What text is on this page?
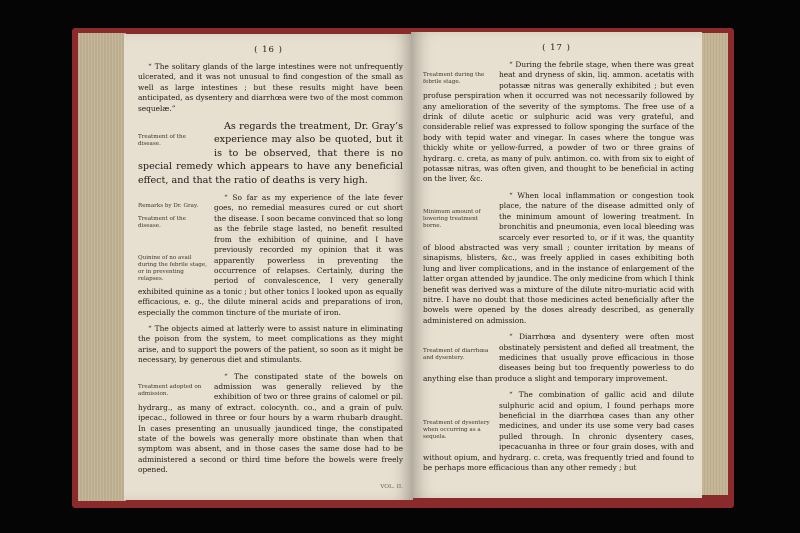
( 16 )

“ The solitary glands of the large intestines were not unfrequently ulcerated, and it was not unusual to find congestion of the small as well as large intestines ; but these results might have been anticipated, as dysentery and diarrhœa were two of the most common sequelæ.”

Treatment of the disease.

As regards the treatment, Dr. Gray’s experience may also be quoted, but it is to be observed, that there is no special remedy which appears to have any beneficial effect, and that the ratio of deaths is very high.

Remarks by Dr. Gray.
Treatment of the disease.
Quinine of no avail during the febrile stage, or in preventing relapses.

“ So far as my experience of the late fever goes, no remedial measures cured or cut short the disease. I soon became convinced that so long as the febrile stage lasted, no benefit resulted from the exhibition of quinine, and I have previously recorded my opinion that it was apparently powerless in preventing the occurrence of relapses. Certainly, during the period of convalescence, I very generally exhibited quinine as a tonic ; but other tonics I looked upon as equally efficacious, e. g., the dilute mineral acids and preparations of iron, especially the common tincture of the muriate of iron.

“ The objects aimed at latterly were to assist nature in eliminating the poison from the system, to meet complications as they might arise, and to support the powers of the patient, so soon as it might be necessary, by generous diet and stimulants.

Treatment adopted on admission.

“ The constipated state of the bowels on admission was generally relieved by the exhibition of two or three grains of calomel or pil. hydrarg., as many of extract. colocynth. co., and a grain of pulv. ipecac., followed in three or four hours by a warm rhubarb draught. In cases presenting an unusually jaundiced tinge, the constipated state of the bowels was generally more obstinate than when that symptom was absent, and in those cases the same dose had to be administered a second or third time before the bowels were freely opened.

VOL. II.

( 17 )
Treatment during the febrile stage.

“ During the febrile stage, when there was great heat and dryness of skin, liq. ammon. acetatis with potassæ nitras was generally exhibited ; but even profuse perspiration when it occurred was not necessarily followed by any amelioration of the severity of the symptoms. The free use of a drink of dilute acetic or sulphuric acid was very grateful, and considerable relief was expressed to follow sponging the surface of the body with tepid water and vinegar. In cases where the tongue was thickly white or yellow-furred, a powder of two or three grains of hydrarg. c. creta, as many of pulv. antimon. co. with from six to eight of potassæ nitras, was often given, and thought to be beneficial in acting on the liver, &c.

Minimum amount of lowering treatment borne.

“ When local inflammation or congestion took place, the nature of the disease admitted only of the minimum amount of lowering treatment. In bronchitis and pneumonia, even local bleeding was scarcely ever resorted to, or if it was, the quantity of blood abstracted was very small ; counter irritation by means of sinapisms, blisters, &c., was freely applied in cases exhibiting both lung and liver complications, and in the instance of enlargement of the latter organ attended by jaundice. The only medicine from which I think benefit was derived was a mixture of the dilute nitro-muriatic acid with nitre. I have no doubt that those medicines acted beneficially after the bowels were opened by the doses already described, as generally administered on admission.

Treatment of diarrhœa and dysentery.

“ Diarrhœa and dysentery were often most obstinately persistent and defied all treatment, the medicines that usually prove efficacious in those diseases being but too frequently powerless to do anything else than produce a slight and temporary improvement.

Treatment of dysentery when occurring as a sequela.

“ The combination of gallic acid and dilute sulphuric acid and opium, I found perhaps more beneficial in the diarrhœa cases than any other medicines, and under its use some very bad cases pulled through. In chronic dysentery cases, ipecacuanha in three or four grain doses, with and without opium, and hydrarg. c. creta, was frequently tried and found to be perhaps more efficacious than any other remedy ; but
